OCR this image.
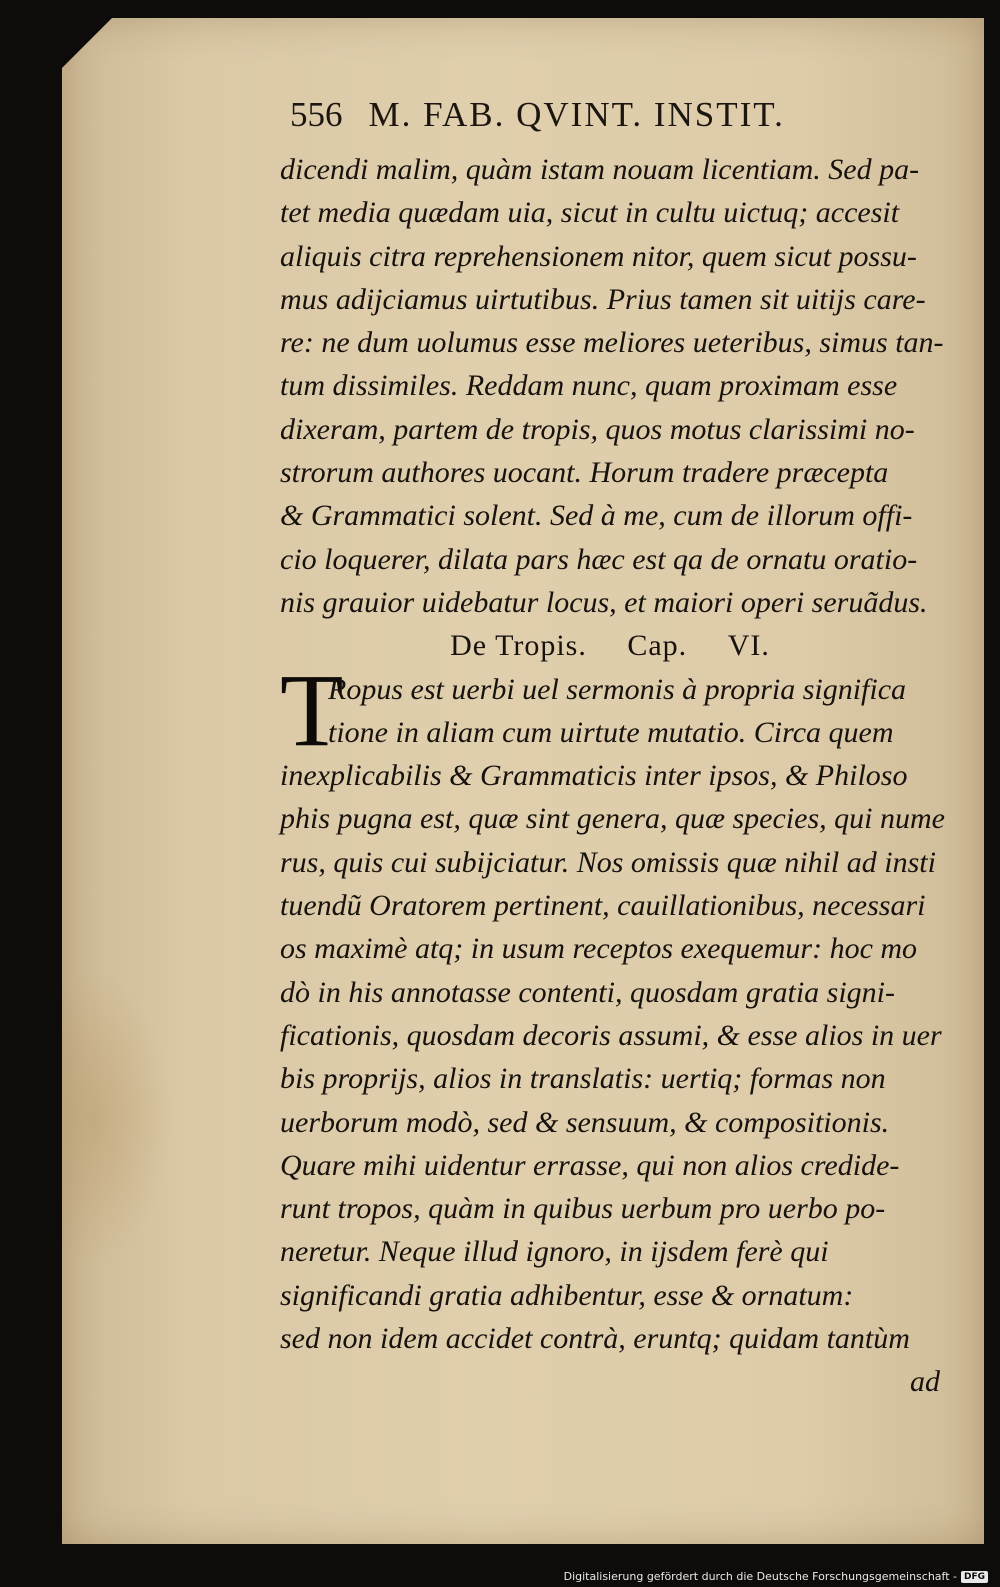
556 M. FAB. QVINT. INSTIT.
dicendi malim, quàm istam nouam licentiam. Sed pa-
tet media quædam uia, sicut in cultu uictuq; accesit
aliquis citra reprehensionem nitor, quem sicut possu-
mus adijciamus uirtutibus. Prius tamen sit uitijs care-
re: ne dum uolumus esse meliores ueteribus, simus tan-
tum dissimiles. Reddam nunc, quam proximam esse
dixeram, partem de tropis, quos motus clarissimi no-
strorum authores uocant. Horum tradere præcepta
& Grammatici solent. Sed à me, cum de illorum offi-
cio loquerer, dilata pars hæc est qa de ornatu oratio-
nis grauior uidebatur locus, et maiori operi seruãdus.
De Tropis. Cap. VI.
T
Ropus est uerbi uel sermonis à propria significa
tione in aliam cum uirtute mutatio. Circa quem
inexplicabilis & Grammaticis inter ipsos, & Philoso
phis pugna est, quæ sint genera, quæ species, qui nume
rus, quis cui subijciatur. Nos omissis quæ nihil ad insti
tuendũ Oratorem pertinent, cauillationibus, necessari
os maximè atq; in usum receptos exequemur: hoc mo
dò in his annotasse contenti, quosdam gratia signi-
ficationis, quosdam decoris assumi, & esse alios in uer
bis proprijs, alios in translatis: uertiq; formas non
uerborum modò, sed & sensuum, & compositionis.
Quare mihi uidentur errasse, qui non alios credide-
runt tropos, quàm in quibus uerbum pro uerbo po-
neretur. Neque illud ignoro, in ijsdem ferè qui
significandi gratia adhibentur, esse & ornatum:
sed non idem accidet contrà, eruntq; quidam tantùm
ad
Digitalisierung gefördert durch die Deutsche Forschungsgemeinschaft - DFG
